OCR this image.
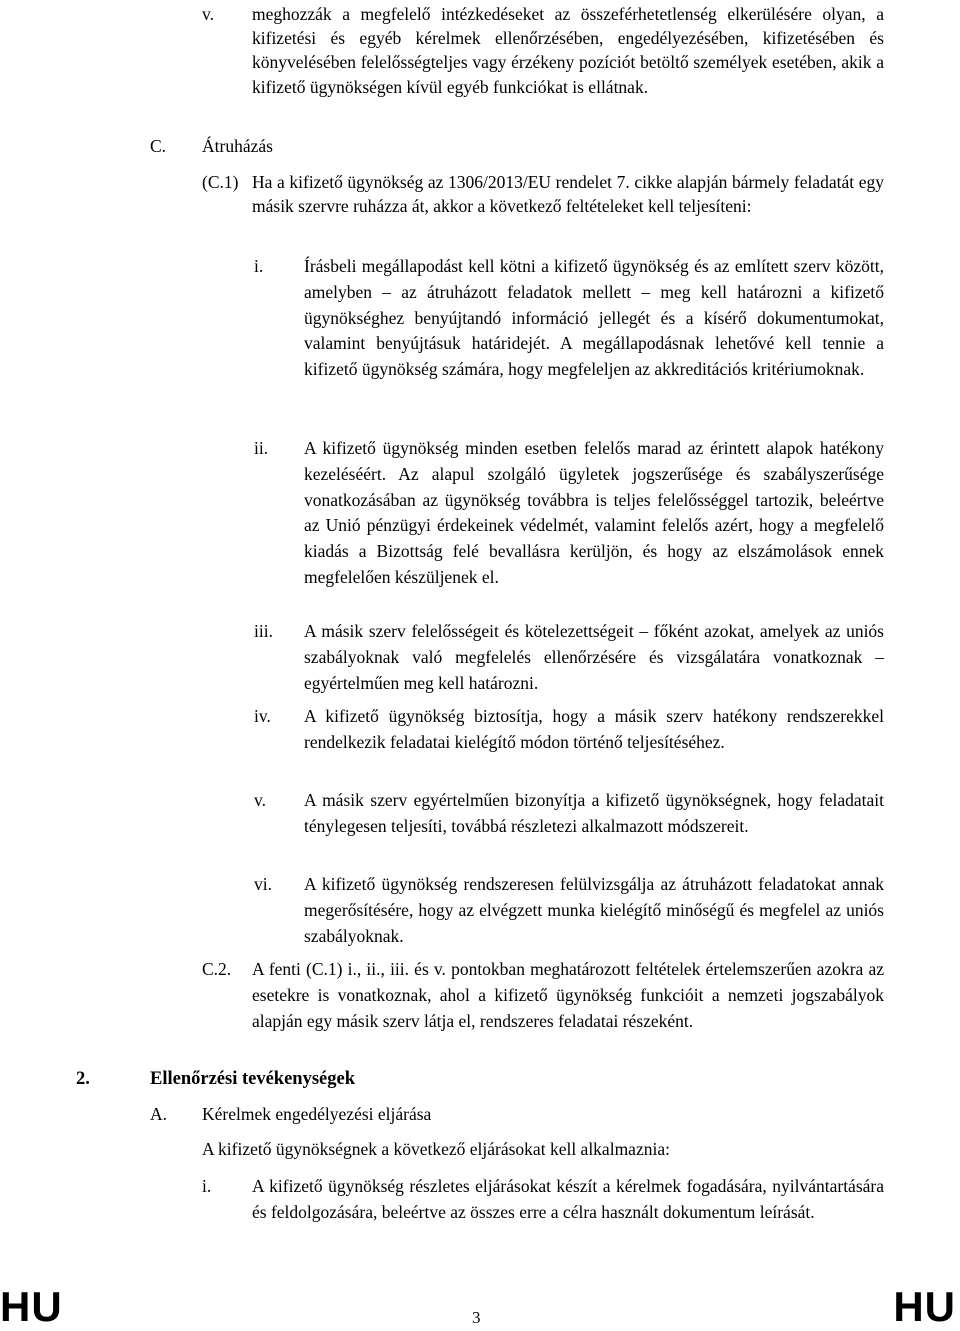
v. meghozzák a megfelelő intézkedéseket az összeférhetetlenség elkerülésére olyan, a kifizetési és egyéb kérelmek ellenőrzésében, engedélyezésében, kifizetésében és könyvelésében felelősségteljes vagy érzékeny pozíciót betöltő személyek esetében, akik a kifizető ügynökségen kívül egyéb funkciókat is ellátnak.

C. Átruházás
(C.1) Ha a kifizető ügynökség az 1306/2013/EU rendelet 7. cikke alapján bármely feladatát egy másik szervre ruházza át, akkor a következő feltételeket kell teljesíteni:

i. Írásbeli megállapodást kell kötni a kifizető ügynökség és az említett szerv között, amelyben – az átruházott feladatok mellett – meg kell határozni a kifizető ügynökséghez benyújtandó információ jellegét és a kísérő dokumentumokat, valamint benyújtásuk határidejét. A megállapodásnak lehetővé kell tennie a kifizető ügynökség számára, hogy megfeleljen az akkreditációs kritériumoknak.

ii. A kifizető ügynökség minden esetben felelős marad az érintett alapok hatékony kezeléséért. Az alapul szolgáló ügyletek jogszerűsége és szabályszerűsége vonatkozásában az ügynökség továbbra is teljes felelősséggel tartozik, beleértve az Unió pénzügyi érdekeinek védelmét, valamint felelős azért, hogy a megfelelő kiadás a Bizottság felé bevallásra kerüljön, és hogy az elszámolások ennek megfelelően készüljenek el.

iii. A másik szerv felelősségeit és kötelezettségeit – főként azokat, amelyek az uniós szabályoknak való megfelelés ellenőrzésére és vizsgálatára vonatkoznak – egyértelműen meg kell határozni.

iv. A kifizető ügynökség biztosítja, hogy a másik szerv hatékony rendszerekkel rendelkezik feladatai kielégítő módon történő teljesítéséhez.

v. A másik szerv egyértelműen bizonyítja a kifizető ügynökségnek, hogy feladatait ténylegesen teljesíti, továbbá részletezi alkalmazott módszereit.

vi. A kifizető ügynökség rendszeresen felülvizsgálja az átruházott feladatokat annak megerősítésére, hogy az elvégzett munka kielégítő minőségű és megfelel az uniós szabályoknak.

C.2. A fenti (C.1) i., ii., iii. és v. pontokban meghatározott feltételek értelemszerűen azokra az esetekre is vonatkoznak, ahol a kifizető ügynökség funkcióit a nemzeti jogszabályok alapján egy másik szerv látja el, rendszeres feladatai részeként.

2.	Ellenőrzési tevékenységek
A. Kérelmek engedélyezési eljárása

A kifizető ügynökségnek a következő eljárásokat kell alkalmaznia:

i. A kifizető ügynökség részletes eljárásokat készít a kérelmek fogadására, nyilvántartására és feldolgozására, beleértve az összes erre a célra használt dokumentum leírását.

HU	3	HU
